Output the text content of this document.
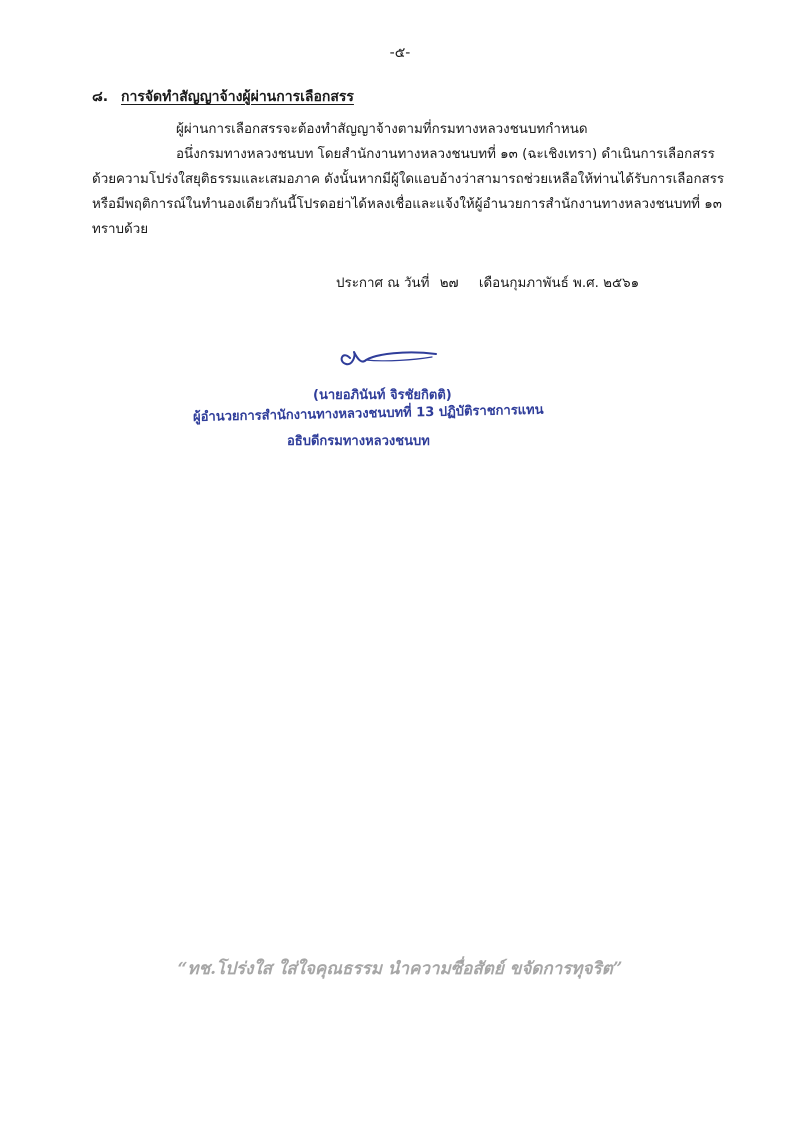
-๕-
๘. การจัดทำสัญญาจ้างผู้ผ่านการเลือกสรร
ผู้ผ่านการเลือกสรรจะต้องทำสัญญาจ้างตามที่กรมทางหลวงชนบทกำหนด
อนึ่งกรมทางหลวงชนบท โดยสำนักงานทางหลวงชนบทที่ ๑๓ (ฉะเชิงเทรา) ดำเนินการเลือกสรร
ด้วยความโปร่งใสยุติธรรมและเสมอภาค ดังนั้นหากมีผู้ใดแอบอ้างว่าสามารถช่วยเหลือให้ท่านได้รับการเลือกสรร
หรือมีพฤติการณ์ในทำนองเดียวกันนี้โปรดอย่าได้หลงเชื่อและแจ้งให้ผู้อำนวยการสำนักงานทางหลวงชนบทที่ ๑๓
ทราบด้วย
ประกาศ ณ วันที่ ๒๗ เดือนกุมภาพันธ์ พ.ศ. ๒๕๖๑
(นายอภินันท์ จิรชัยกิตติ)
ผู้อำนวยการสำนักงานทางหลวงชนบทที่ 13 ปฏิบัติราชการแทน
อธิบดีกรมทางหลวงชนบท
“ทช.โปร่งใส ใส่ใจคุณธรรม นำความซื่อสัตย์ ขจัดการทุจริต”
